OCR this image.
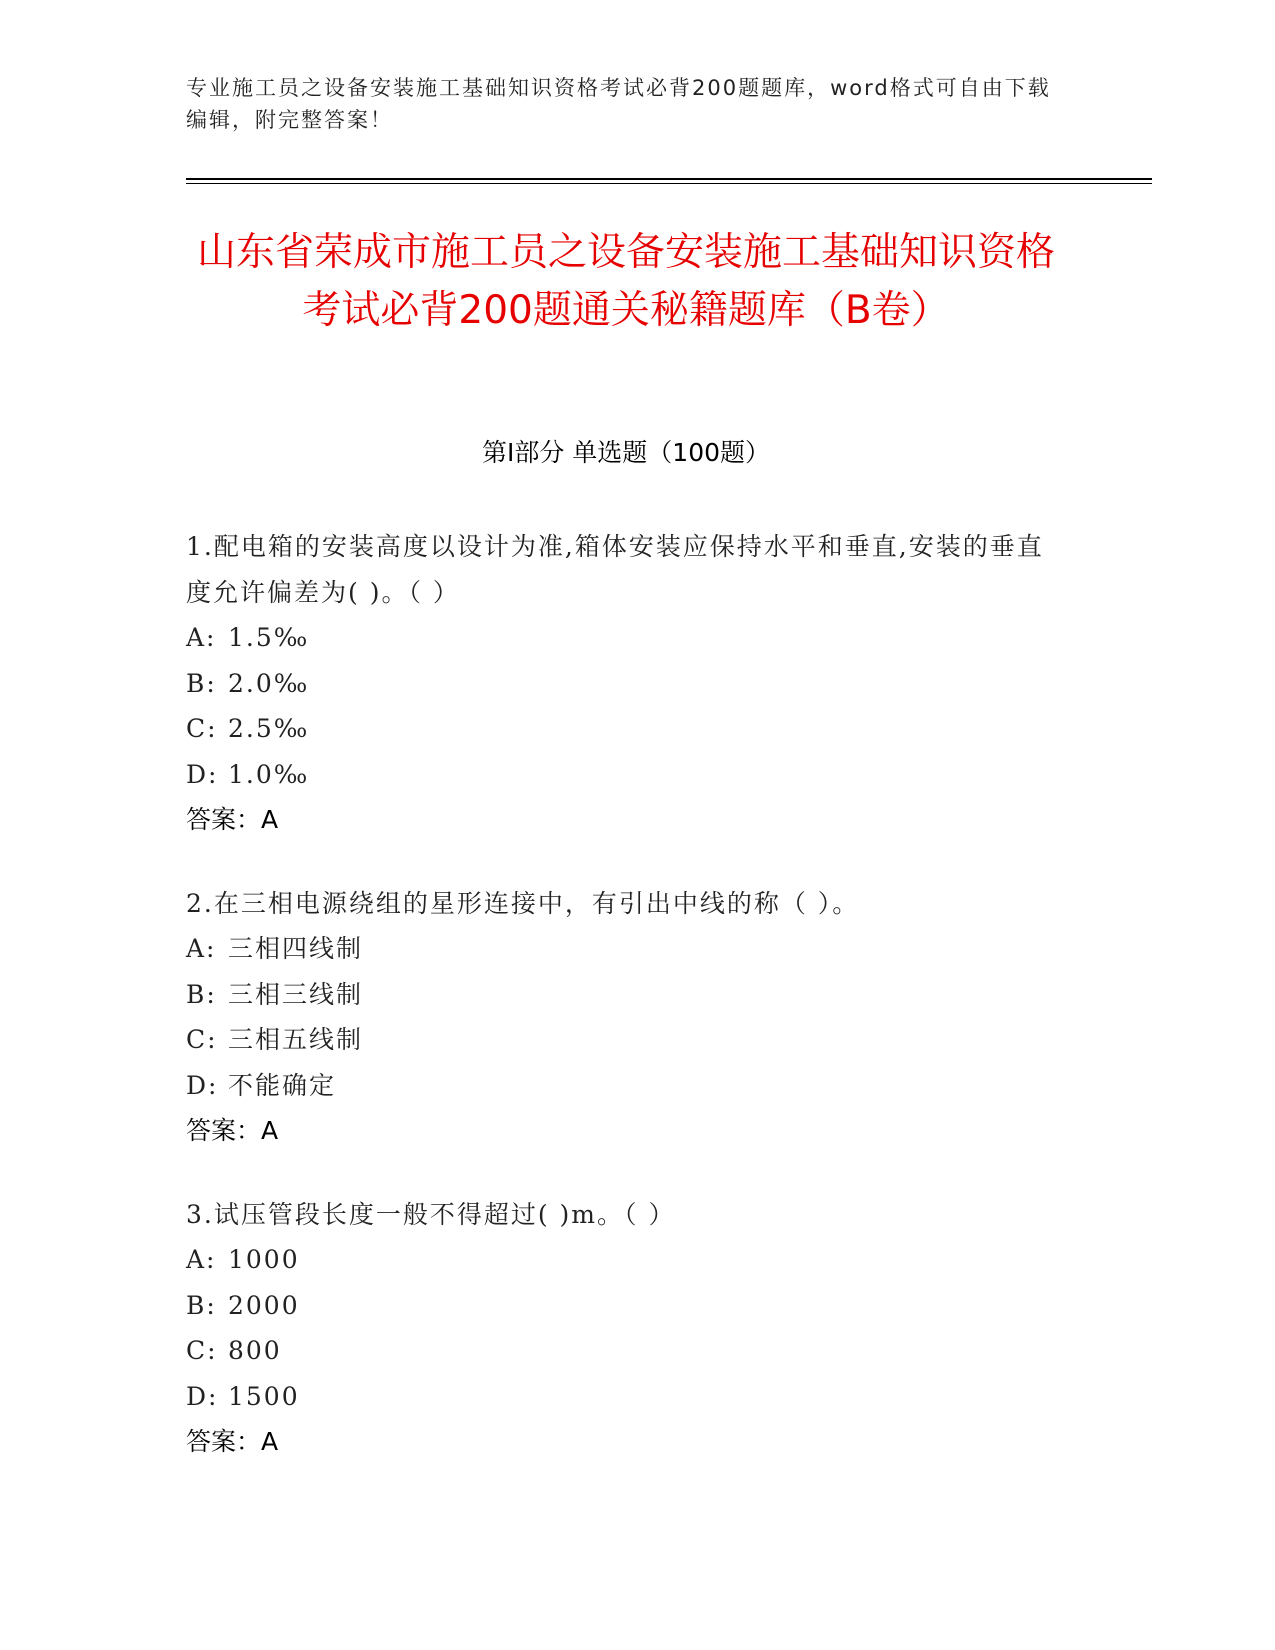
专业施工员之设备安装施工基础知识资格考试必背200题题库，word格式可自由下载编辑，附完整答案！
山东省荣成市施工员之设备安装施工基础知识资格考试必背200题通关秘籍题库（B卷）
第Ⅰ部分 单选题（100题）
1.配电箱的安装高度以设计为准,箱体安装应保持水平和垂直,安装的垂直度允许偏差为( )。（ ）
A: 1.5‰
B: 2.0‰
C: 2.5‰
D: 1.0‰
答案：A
2.在三相电源绕组的星形连接中，有引出中线的称（ ）。
A: 三相四线制
B: 三相三线制
C: 三相五线制
D: 不能确定
答案：A
3.试压管段长度一般不得超过( )m。（ ）
A: 1000
B: 2000
C: 800
D: 1500
答案：A
